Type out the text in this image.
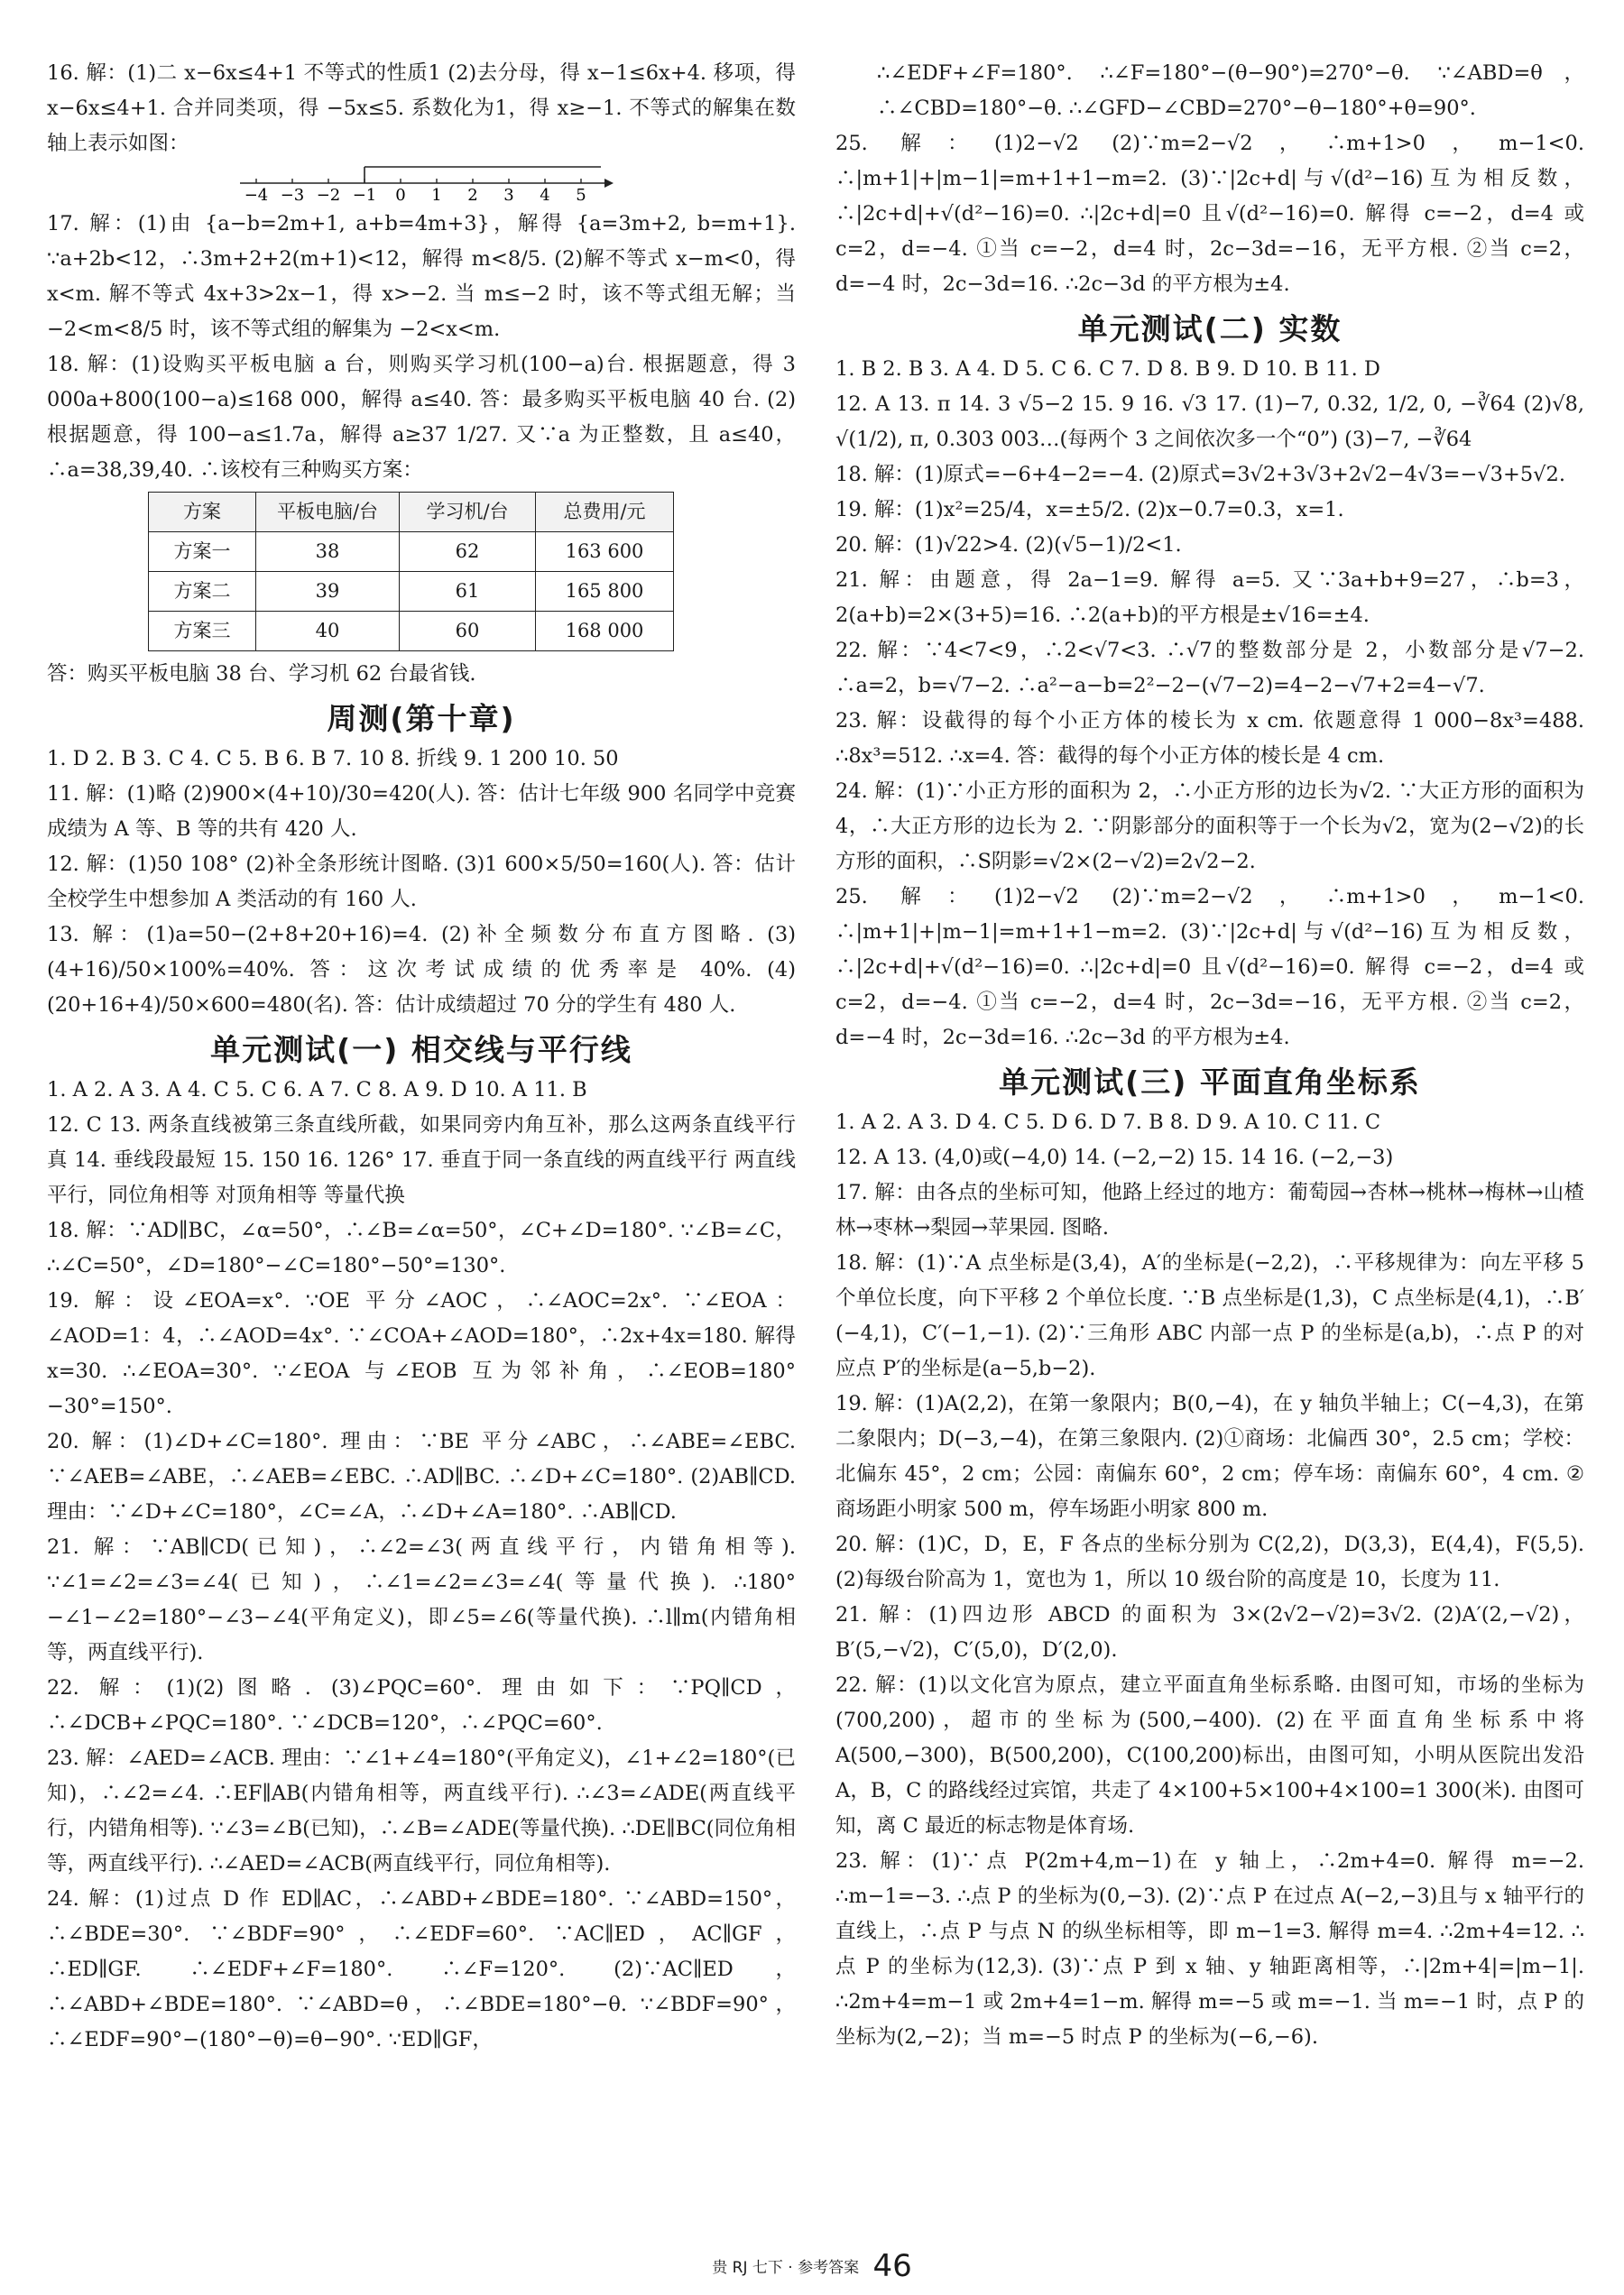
16. 解：(1)二 x−6x≤4+1 不等式的性质1 (2)去分母，得 x−1≤6x+4. 移项，得 x−6x≤4+1. 合并同类项，得 −5x≤5. 系数化为1，得 x≥−1. 不等式的解集在数轴上表示如图：

−4 −3 −2 −1 0 1 2 3 4 5

17. 解：(1)由 {a−b=2m+1, a+b=4m+3}，解得 {a=3m+2, b=m+1}. ∵a+2b<12，∴3m+2+2(m+1)<12，解得 m<8/5. (2)解不等式 x−m<0，得 x<m. 解不等式 4x+3>2x−1，得 x>−2. 当 m≤−2 时，该不等式组无解；当 −2<m<8/5 时，该不等式组的解集为 −2<x<m.

18. 解：(1)设购买平板电脑 a 台，则购买学习机(100−a)台. 根据题意，得 3 000a+800(100−a)≤168 000，解得 a≤40. 答：最多购买平板电脑 40 台. (2)根据题意，得 100−a≤1.7a，解得 a≥37 1/27. 又∵a 为正整数，且 a≤40，∴a=38,39,40. ∴该校有三种购买方案：

方案	平板电脑/台	学习机/台	总费用/元
方案一	38	62	163 600
方案二	39	61	165 800
方案三	40	60	168 000

答：购买平板电脑 38 台、学习机 62 台最省钱.

周测(第十章)

1. D 2. B 3. C 4. C 5. B 6. B 7. 10 8. 折线 9. 1 200 10. 50

11. 解：(1)略 (2)900×(4+10)/30=420(人). 答：估计七年级 900 名同学中竞赛成绩为 A 等、B 等的共有 420 人.

12. 解：(1)50 108° (2)补全条形统计图略. (3)1 600×5/50=160(人). 答：估计全校学生中想参加 A 类活动的有 160 人.

13. 解：(1)a=50−(2+8+20+16)=4. (2)补全频数分布直方图略. (3)(4+16)/50×100%=40%. 答：这次考试成绩的优秀率是 40%. (4)(20+16+4)/50×600=480(名). 答：估计成绩超过 70 分的学生有 480 人.

单元测试(一) 相交线与平行线

1. A 2. A 3. A 4. C 5. C 6. A 7. C 8. A 9. D 10. A 11. B

12. C 13. 两条直线被第三条直线所截，如果同旁内角互补，那么这两条直线平行 真 14. 垂线段最短 15. 150 16. 126° 17. 垂直于同一条直线的两直线平行 两直线平行，同位角相等 对顶角相等 等量代换

18. 解：∵AD∥BC，∠α=50°，∴∠B=∠α=50°，∠C+∠D=180°. ∵∠B=∠C，∴∠C=50°，∠D=180°−∠C=180°−50°=130°.

19. 解：设∠EOA=x°. ∵OE 平分∠AOC，∴∠AOC=2x°. ∵∠EOA：∠AOD=1：4，∴∠AOD=4x°. ∵∠COA+∠AOD=180°，∴2x+4x=180. 解得 x=30. ∴∠EOA=30°. ∵∠EOA 与∠EOB 互为邻补角，∴∠EOB=180°−30°=150°.

20. 解：(1)∠D+∠C=180°. 理由：∵BE 平分∠ABC，∴∠ABE=∠EBC. ∵∠AEB=∠ABE，∴∠AEB=∠EBC. ∴AD∥BC. ∴∠D+∠C=180°. (2)AB∥CD. 理由：∵∠D+∠C=180°，∠C=∠A，∴∠D+∠A=180°. ∴AB∥CD.

21. 解：∵AB∥CD(已知)，∴∠2=∠3(两直线平行，内错角相等). ∵∠1=∠2=∠3=∠4(已知)，∴∠1=∠2=∠3=∠4(等量代换). ∴180°−∠1−∠2=180°−∠3−∠4(平角定义)，即∠5=∠6(等量代换). ∴l∥m(内错角相等，两直线平行).

22. 解：(1)(2)图略. (3)∠PQC=60°. 理由如下：∵PQ∥CD，∴∠DCB+∠PQC=180°. ∵∠DCB=120°，∴∠PQC=60°.

23. 解：∠AED=∠ACB. 理由：∵∠1+∠4=180°(平角定义)，∠1+∠2=180°(已知)，∴∠2=∠4. ∴EF∥AB(内错角相等，两直线平行). ∴∠3=∠ADE(两直线平行，内错角相等). ∵∠3=∠B(已知)，∴∠B=∠ADE(等量代换). ∴DE∥BC(同位角相等，两直线平行). ∴∠AED=∠ACB(两直线平行，同位角相等).

24. 解：(1)过点 D 作 ED∥AC，∴∠ABD+∠BDE=180°. ∵∠ABD=150°，∴∠BDE=30°. ∵∠BDF=90°，∴∠EDF=60°. ∵AC∥ED，AC∥GF，∴ED∥GF. ∴∠EDF+∠F=180°. ∴∠F=120°. (2)∵AC∥ED，∴∠ABD+∠BDE=180°. ∵∠ABD=θ，∴∠BDE=180°−θ. ∵∠BDF=90°，∴∠EDF=90°−(180°−θ)=θ−90°. ∵ED∥GF，

∴∠EDF+∠F=180°. ∴∠F=180°−(θ−90°)=270°−θ. ∵∠ABD=θ，∴∠CBD=180°−θ. ∴∠GFD−∠CBD=270°−θ−180°+θ=90°.

25. 解：(1)2−√2 (2)∵m=2−√2，∴m+1>0，m−1<0. ∴|m+1|+|m−1|=m+1+1−m=2. (3)∵|2c+d|与√(d²−16)互为相反数，∴|2c+d|+√(d²−16)=0. ∴|2c+d|=0 且√(d²−16)=0. 解得 c=−2，d=4 或 c=2，d=−4. ①当 c=−2，d=4 时，2c−3d=−16，无平方根. ②当 c=2，d=−4 时，2c−3d=16. ∴2c−3d 的平方根为±4.

单元测试(二) 实数

1. B 2. B 3. A 4. D 5. C 6. C 7. D 8. B 9. D 10. B 11. D

12. A 13. π 14. 3 √5−2 15. 9 16. √3 17. (1)−7, 0.32, 1/2, 0, −∛64 (2)√8, √(1/2), π, 0.303 003…(每两个 3 之间依次多一个“0”) (3)−7, −∛64

18. 解：(1)原式=−6+4−2=−4. (2)原式=3√2+3√3+2√2−4√3=−√3+5√2.

19. 解：(1)x²=25/4，x=±5/2. (2)x−0.7=0.3，x=1.

20. 解：(1)√22>4. (2)(√5−1)/2<1.

21. 解：由题意，得 2a−1=9. 解得 a=5. 又∵3a+b+9=27，∴b=3，2(a+b)=2×(3+5)=16. ∴2(a+b)的平方根是±√16=±4.

22. 解：∵4<7<9，∴2<√7<3. ∴√7的整数部分是 2，小数部分是√7−2. ∴a=2，b=√7−2. ∴a²−a−b=2²−2−(√7−2)=4−2−√7+2=4−√7.

23. 解：设截得的每个小正方体的棱长为 x cm. 依题意得 1 000−8x³=488. ∴8x³=512. ∴x=4. 答：截得的每个小正方体的棱长是 4 cm.

24. 解：(1)∵小正方形的面积为 2，∴小正方形的边长为√2. ∵大正方形的面积为 4，∴大正方形的边长为 2. ∵阴影部分的面积等于一个长为√2，宽为(2−√2)的长方形的面积，∴S阴影=√2×(2−√2)=2√2−2.

25. 解：(1)2−√2 (2)∵m=2−√2，∴m+1>0，m−1<0. ∴|m+1|+|m−1|=m+1+1−m=2. (3)∵|2c+d|与√(d²−16)互为相反数，∴|2c+d|+√(d²−16)=0. ∴|2c+d|=0 且√(d²−16)=0. 解得 c=−2，d=4 或 c=2，d=−4. ①当 c=−2，d=4 时，2c−3d=−16，无平方根. ②当 c=2，d=−4 时，2c−3d=16. ∴2c−3d 的平方根为±4.

单元测试(三) 平面直角坐标系

1. A 2. A 3. D 4. C 5. D 6. D 7. B 8. D 9. A 10. C 11. C

12. A 13. (4,0)或(−4,0) 14. (−2,−2) 15. 14 16. (−2,−3)

17. 解：由各点的坐标可知，他路上经过的地方：葡萄园→杏林→桃林→梅林→山楂林→枣林→梨园→苹果园. 图略.

18. 解：(1)∵A 点坐标是(3,4)，A′的坐标是(−2,2)，∴平移规律为：向左平移 5 个单位长度，向下平移 2 个单位长度. ∵B 点坐标是(1,3)，C 点坐标是(4,1)，∴B′(−4,1)，C′(−1,−1). (2)∵三角形 ABC 内部一点 P 的坐标是(a,b)，∴点 P 的对应点 P′的坐标是(a−5,b−2).

19. 解：(1)A(2,2)，在第一象限内；B(0,−4)，在 y 轴负半轴上；C(−4,3)，在第二象限内；D(−3,−4)，在第三象限内. (2)①商场：北偏西 30°，2.5 cm；学校：北偏东 45°，2 cm；公园：南偏东 60°，2 cm；停车场：南偏东 60°，4 cm. ②商场距小明家 500 m，停车场距小明家 800 m.

20. 解：(1)C，D，E，F 各点的坐标分别为 C(2,2)，D(3,3)，E(4,4)，F(5,5). (2)每级台阶高为 1，宽也为 1，所以 10 级台阶的高度是 10，长度为 11.

21. 解：(1)四边形 ABCD 的面积为 3×(2√2−√2)=3√2. (2)A′(2,−√2)，B′(5,−√2)，C′(5,0)，D′(2,0).

22. 解：(1)以文化宫为原点，建立平面直角坐标系略. 由图可知，市场的坐标为(700,200)，超市的坐标为(500,−400). (2)在平面直角坐标系中将 A(500,−300)，B(500,200)，C(100,200)标出，由图可知，小明从医院出发沿 A，B，C 的路线经过宾馆，共走了 4×100+5×100+4×100=1 300(米). 由图可知，离 C 最近的标志物是体育场.

23. 解：(1)∵点 P(2m+4,m−1)在 y 轴上，∴2m+4=0. 解得 m=−2. ∴m−1=−3. ∴点 P 的坐标为(0,−3). (2)∵点 P 在过点 A(−2,−3)且与 x 轴平行的直线上，∴点 P 与点 N 的纵坐标相等，即 m−1=3. 解得 m=4. ∴2m+4=12. ∴点 P 的坐标为(12,3). (3)∵点 P 到 x 轴、y 轴距离相等，∴|2m+4|=|m−1|. ∴2m+4=m−1 或 2m+4=1−m. 解得 m=−5 或 m=−1. 当 m=−1 时，点 P 的坐标为(2,−2)；当 m=−5 时点 P 的坐标为(−6,−6).

贵 RJ 七下 · 参考答案 46
